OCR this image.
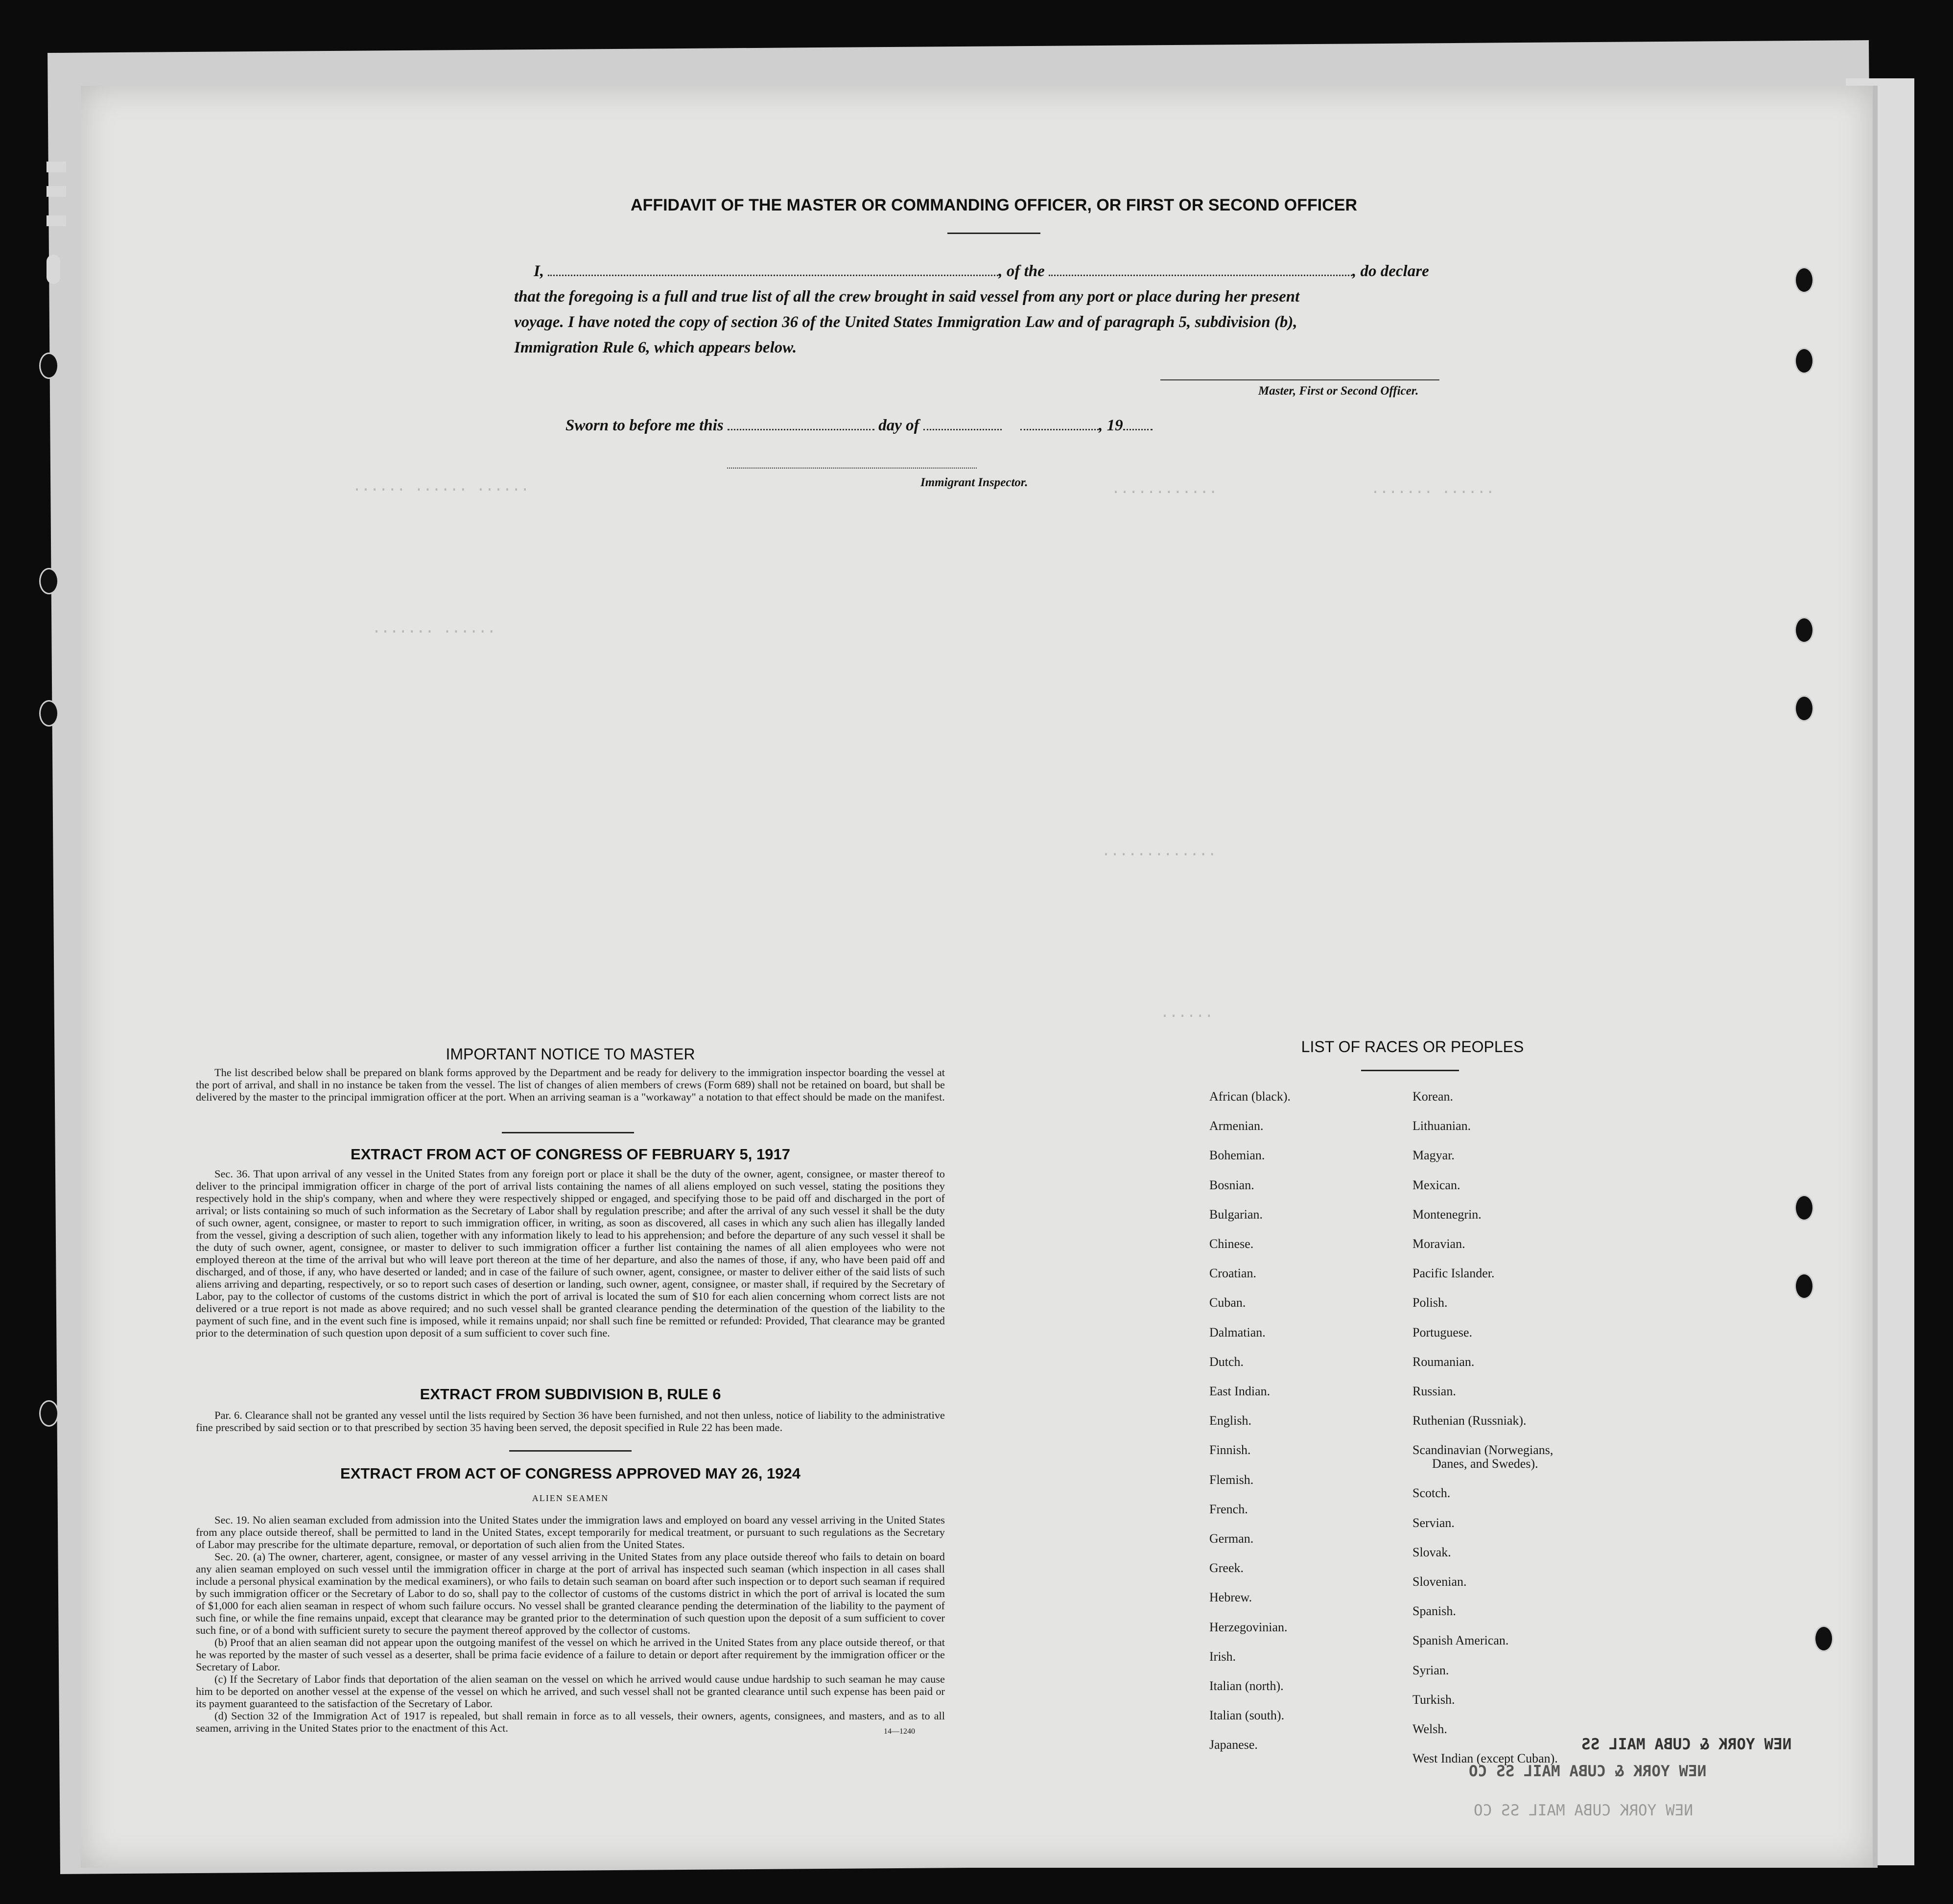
...... ...... ......	............	....... ......
....... ......
.............
......
AFFIDAVIT OF THE MASTER OR COMMANDING OFFICER, OR FIRST OR SECOND OFFICER
I,	, of the	, do declare
that the foregoing is a full and true list of all the crew brought in said vessel from any port or place during her present
voyage. I have noted the copy of section 36 of the United States Immigration Law and of paragraph 5, subdivision (b),
Immigration Rule 6, which appears below.
Master, First or Second Officer.
Sworn to before me this	day of	, 19
Immigrant Inspector.
IMPORTANT NOTICE TO MASTER

The list described below shall be prepared on blank forms approved by the Department and be ready for delivery to the immigration inspector boarding the vessel at the port of arrival, and shall in no instance be taken from the vessel. The list of changes of alien members of crews (Form 689) shall not be retained on board, but shall be delivered by the master to the principal immigration officer at the port. When an arriving seaman is a "workaway" a notation to that effect should be made on the manifest.

EXTRACT FROM ACT OF CONGRESS OF FEBRUARY 5, 1917

Sec. 36. That upon arrival of any vessel in the United States from any foreign port or place it shall be the duty of the owner, agent, consignee, or master thereof to deliver to the principal immigration officer in charge of the port of arrival lists containing the names of all aliens employed on such vessel, stating the positions they respectively hold in the ship's company, when and where they were respectively shipped or engaged, and specifying those to be paid off and discharged in the port of arrival; or lists containing so much of such information as the Secretary of Labor shall by regulation prescribe; and after the arrival of any such vessel it shall be the duty of such owner, agent, consignee, or master to report to such immigration officer, in writing, as soon as discovered, all cases in which any such alien has illegally landed from the vessel, giving a description of such alien, together with any information likely to lead to his apprehension; and before the departure of any such vessel it shall be the duty of such owner, agent, consignee, or master to deliver to such immigration officer a further list containing the names of all alien employees who were not employed thereon at the time of the arrival but who will leave port thereon at the time of her departure, and also the names of those, if any, who have been paid off and discharged, and of those, if any, who have deserted or landed; and in case of the failure of such owner, agent, consignee, or master to deliver either of the said lists of such aliens arriving and departing, respectively, or so to report such cases of desertion or landing, such owner, agent, consignee, or master shall, if required by the Secretary of Labor, pay to the collector of customs of the customs district in which the port of arrival is located the sum of $10 for each alien concerning whom correct lists are not delivered or a true report is not made as above required; and no such vessel shall be granted clearance pending the determination of the question of the liability to the payment of such fine, and in the event such fine is imposed, while it remains unpaid; nor shall such fine be remitted or refunded: Provided, That clearance may be granted prior to the determination of such question upon deposit of a sum sufficient to cover such fine.

EXTRACT FROM SUBDIVISION B, RULE 6

Par. 6. Clearance shall not be granted any vessel until the lists required by Section 36 have been furnished, and not then unless, notice of liability to the administrative fine prescribed by said section or to that prescribed by section 35 having been served, the deposit specified in Rule 22 has been made.

EXTRACT FROM ACT OF CONGRESS APPROVED MAY 26, 1924
ALIEN SEAMEN

Sec. 19. No alien seaman excluded from admission into the United States under the immigration laws and employed on board any vessel arriving in the United States from any place outside thereof, shall be permitted to land in the United States, except temporarily for medical treatment, or pursuant to such regulations as the Secretary of Labor may prescribe for the ultimate departure, removal, or deportation of such alien from the United States.

Sec. 20. (a) The owner, charterer, agent, consignee, or master of any vessel arriving in the United States from any place outside thereof who fails to detain on board any alien seaman employed on such vessel until the immigration officer in charge at the port of arrival has inspected such seaman (which inspection in all cases shall include a personal physical examination by the medical examiners), or who fails to detain such seaman on board after such inspection or to deport such seaman if required by such immigration officer or the Secretary of Labor to do so, shall pay to the collector of customs of the customs district in which the port of arrival is located the sum of $1,000 for each alien seaman in respect of whom such failure occurs. No vessel shall be granted clearance pending the determination of the liability to the payment of such fine, or while the fine remains unpaid, except that clearance may be granted prior to the determination of such question upon the deposit of a sum sufficient to cover such fine, or of a bond with sufficient surety to secure the payment thereof approved by the collector of customs.

(b) Proof that an alien seaman did not appear upon the outgoing manifest of the vessel on which he arrived in the United States from any place outside thereof, or that he was reported by the master of such vessel as a deserter, shall be prima facie evidence of a failure to detain or deport after requirement by the immigration officer or the Secretary of Labor.

(c) If the Secretary of Labor finds that deportation of the alien seaman on the vessel on which he arrived would cause undue hardship to such seaman he may cause him to be deported on another vessel at the expense of the vessel on which he arrived, and such vessel shall not be granted clearance until such expense has been paid or its payment guaranteed to the satisfaction of the Secretary of Labor.

(d) Section 32 of the Immigration Act of 1917 is repealed, but shall remain in force as to all vessels, their owners, agents, consignees, and masters, and as to all seamen, arriving in the United States prior to the enactment of this Act.	14—1240
LIST OF RACES OR PEOPLES
African (black).
Armenian.
Bohemian.
Bosnian.
Bulgarian.
Chinese.
Croatian.
Cuban.
Dalmatian.
Dutch.
East Indian.
English.
Finnish.
Flemish.
French.
German.
Greek.
Hebrew.
Herzegovinian.
Irish.
Italian (north).
Italian (south).
Japanese.
Korean.
Lithuanian.
Magyar.
Mexican.
Montenegrin.
Moravian.
Pacific Islander.
Polish.
Portuguese.
Roumanian.
Russian.
Ruthenian (Russniak).
Scandinavian (Norwegians,
Danes, and Swedes).
Scotch.
Servian.
Slovak.
Slovenian.
Spanish.
Spanish American.
Syrian.
Turkish.
Welsh.
West Indian (except Cuban).
NEW YORK & CUBA MAIL SS
NEW YORK & CUBA MAIL SS CO
NEW YORK CUBA MAIL SS CO
